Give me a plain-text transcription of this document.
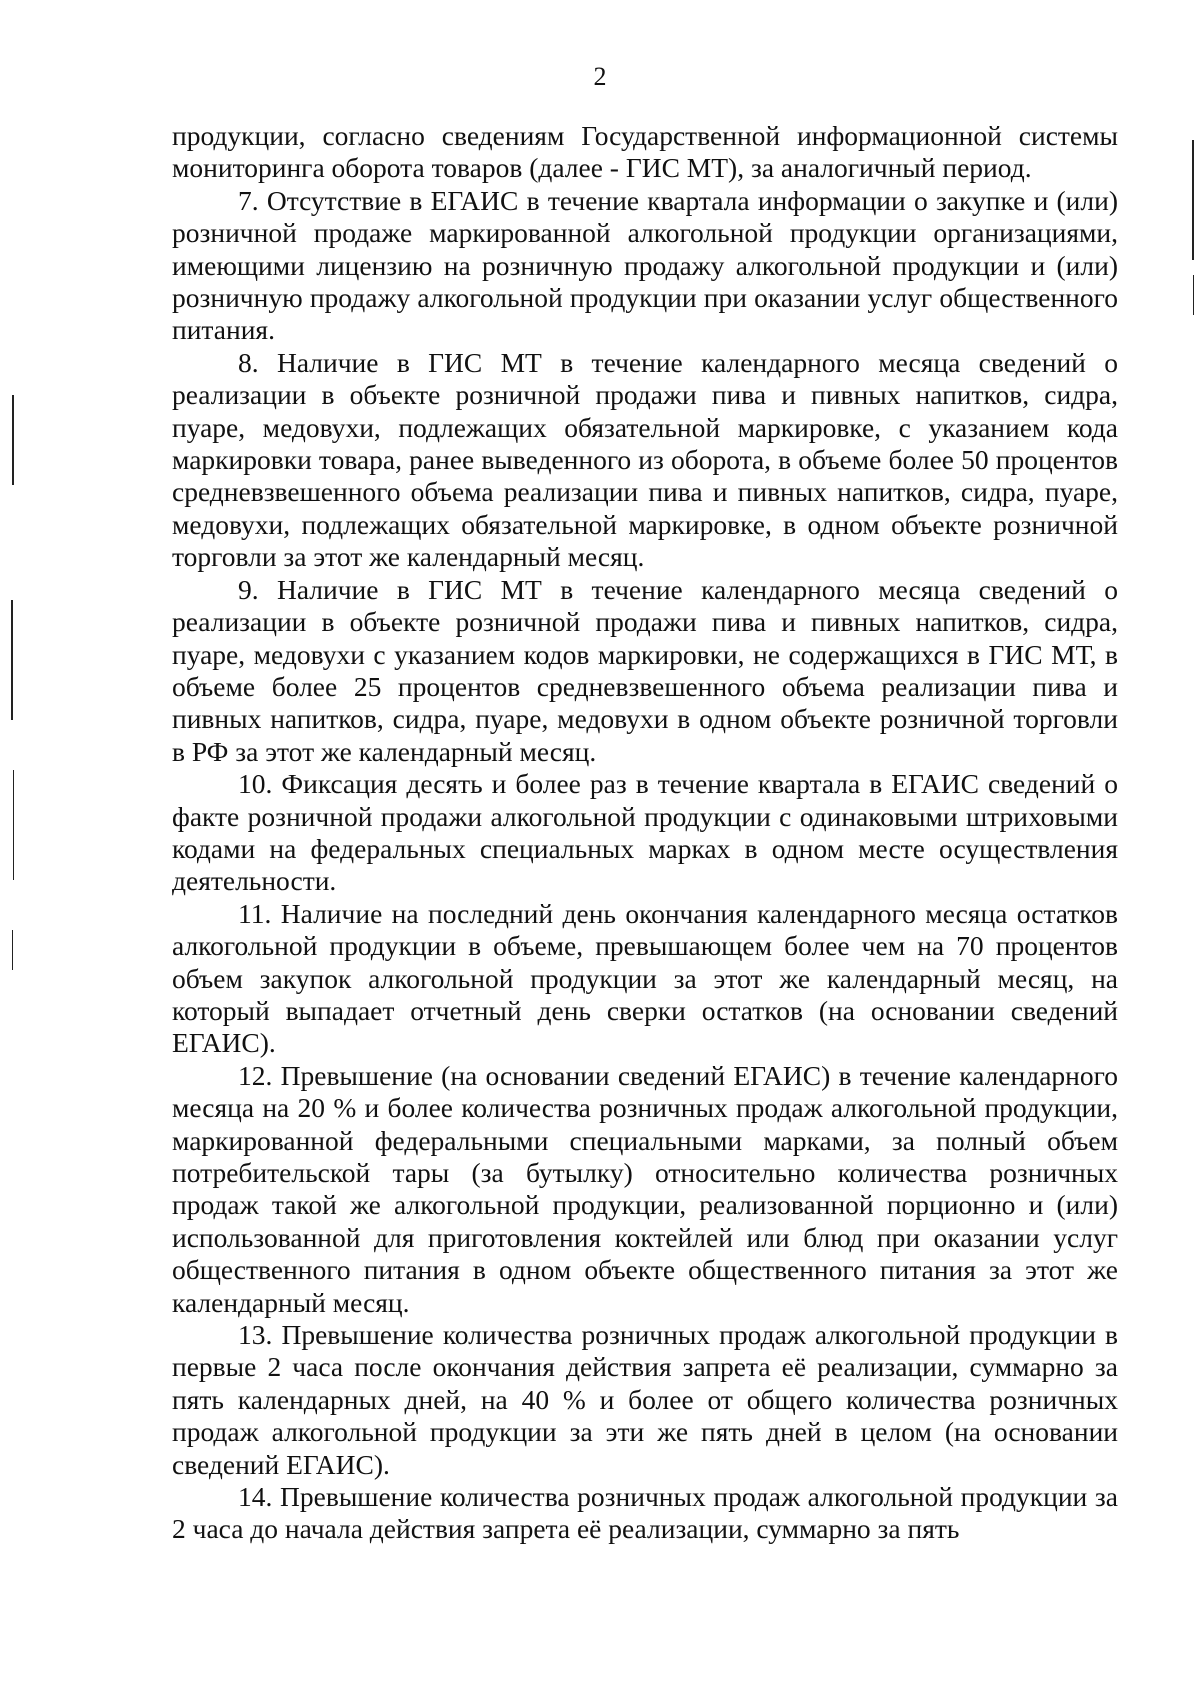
2

продукции, согласно сведениям Государственной информационной системы мониторинга оборота товаров (далее - ГИС МТ), за аналогичный период.

7. Отсутствие в ЕГАИС в течение квартала информации о закупке и (или) розничной продаже маркированной алкогольной продукции организациями, имеющими лицензию на розничную продажу алкогольной продукции и (или) розничную продажу алкогольной продукции при оказании услуг общественного питания.

8. Наличие в ГИС МТ в течение календарного месяца сведений о реализации в объекте розничной продажи пива и пивных напитков, сидра, пуаре, медовухи, подлежащих обязательной маркировке, с указанием кода маркировки товара, ранее выведенного из оборота, в объеме более 50 процентов средневзвешенного объема реализации пива и пивных напитков, сидра, пуаре, медовухи, подлежащих обязательной маркировке, в одном объекте розничной торговли за этот же календарный месяц.

9. Наличие в ГИС МТ в течение календарного месяца сведений о реализации в объекте розничной продажи пива и пивных напитков, сидра, пуаре, медовухи с указанием кодов маркировки, не содержащихся в ГИС МТ, в объеме более 25 процентов средневзвешенного объема реализации пива и пивных напитков, сидра, пуаре, медовухи в одном объекте розничной торговли в РФ за этот же календарный месяц.

10. Фиксация десять и более раз в течение квартала в ЕГАИС сведений о факте розничной продажи алкогольной продукции с одинаковыми штриховыми кодами на федеральных специальных марках в одном месте осуществления деятельности.

11. Наличие на последний день окончания календарного месяца остатков алкогольной продукции в объеме, превышающем более чем на 70 процентов объем закупок алкогольной продукции за этот же календарный месяц, на который выпадает отчетный день сверки остатков (на основании сведений ЕГАИС).

12. Превышение (на основании сведений ЕГАИС) в течение календарного месяца на 20 % и более количества розничных продаж алкогольной продукции, маркированной федеральными специальными марками, за полный объем потребительской тары (за бутылку) относительно количества розничных продаж такой же алкогольной продукции, реализованной порционно и (или) использованной для приготовления коктейлей или блюд при оказании услуг общественного питания в одном объекте общественного питания за этот же календарный месяц.

13. Превышение количества розничных продаж алкогольной продукции в первые 2 часа после окончания действия запрета её реализации, суммарно за пять календарных дней, на 40 % и более от общего количества розничных продаж алкогольной продукции за эти же пять дней в целом (на основании сведений ЕГАИС).

14. Превышение количества розничных продаж алкогольной продукции за 2 часа до начала действия запрета её реализации, суммарно за пять
